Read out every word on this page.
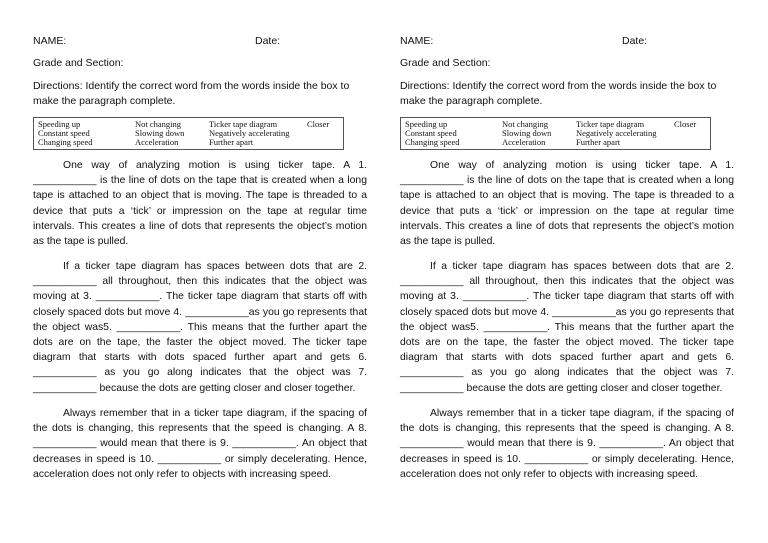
NAME:	Date:
Grade and Section:
Directions: Identify the correct word from the words inside the box to make the paragraph complete.
Speeding up	Not changing	Ticker tape diagram	Closer
Constant speed	Slowing down	Negatively accelerating
Changing speed	Acceleration	Further apart

One way of analyzing motion is using ticker tape. A 1. ___________ is the line of dots on the tape that is created when a long tape is attached to an object that is moving. The tape is threaded to a device that puts a ‘tick’ or impression on the tape at regular time intervals. This creates a line of dots that represents the object’s motion as the tape is pulled.

If a ticker tape diagram has spaces between dots that are 2. ___________ all throughout, then this indicates that the object was moving at 3. ___________. The ticker tape diagram that starts off with closely spaced dots but move 4. ___________as you go represents that the object was5. ___________. This means that the further apart the dots are on the tape, the faster the object moved. The ticker tape diagram that starts with dots spaced further apart and gets 6. ___________ as you go along indicates that the object was 7. ___________ because the dots are getting closer and closer together.

Always remember that in a ticker tape diagram, if the spacing of the dots is changing, this represents that the speed is changing. A 8. ___________ would mean that there is 9. ___________. An object that decreases in speed is 10. ___________ or simply decelerating. Hence, acceleration does not only refer to objects with increasing speed.

NAME:	Date:
Grade and Section:
Directions: Identify the correct word from the words inside the box to make the paragraph complete.
Speeding up	Not changing	Ticker tape diagram	Closer
Constant speed	Slowing down	Negatively accelerating
Changing speed	Acceleration	Further apart

One way of analyzing motion is using ticker tape. A 1. ___________ is the line of dots on the tape that is created when a long tape is attached to an object that is moving. The tape is threaded to a device that puts a ‘tick’ or impression on the tape at regular time intervals. This creates a line of dots that represents the object’s motion as the tape is pulled.

If a ticker tape diagram has spaces between dots that are 2. ___________ all throughout, then this indicates that the object was moving at 3. ___________. The ticker tape diagram that starts off with closely spaced dots but move 4. ___________as you go represents that the object was5. ___________. This means that the further apart the dots are on the tape, the faster the object moved. The ticker tape diagram that starts with dots spaced further apart and gets 6. ___________ as you go along indicates that the object was 7. ___________ because the dots are getting closer and closer together.

Always remember that in a ticker tape diagram, if the spacing of the dots is changing, this represents that the speed is changing. A 8. ___________ would mean that there is 9. ___________. An object that decreases in speed is 10. ___________ or simply decelerating. Hence, acceleration does not only refer to objects with increasing speed.
